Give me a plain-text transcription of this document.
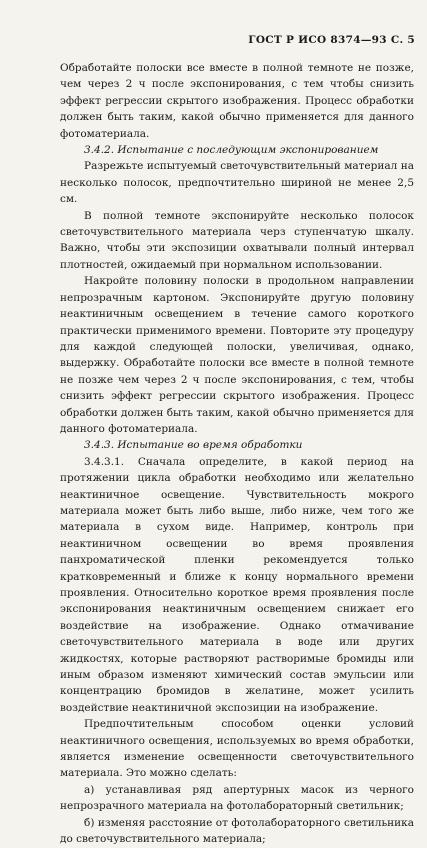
ГОСТ Р ИСО 8374—93 С. 5

Обработайте полоски все вместе в полной темноте не позже, чем через 2 ч после экспонирования, с тем чтобы снизить эффект регрессии скрытого изображения. Процесс обработки должен быть таким, какой обычно применяется для данного фотоматериала.

3.4.2. Испытание с последующим экспонированием

Разрежьте испытуемый светочувствительный материал на несколько полосок, предпочтительно шириной не менее 2,5 см.

В полной темноте экспонируйте несколько полосок светочувствительного материала черз ступенчатую шкалу. Важно, чтобы эти экспозиции охватывали полный интервал плотностей, ожидаемый при нормальном использовании.

Накройте половину полоски в продольном направлении непрозрачным картоном. Экспонируйте другую половину неактиничным освещением в течение самого короткого практически применимого времени. Повторите эту процедуру для каждой следующей полоски, увеличивая, однако, выдержку. Обработайте полоски все вместе в полной темноте не позже чем через 2 ч после экспонирования, с тем, чтобы снизить эффект регрессии скрытого изображения. Процесс обработки должен быть таким, какой обычно применяется для данного фотоматериала.

3.4.3. Испытание во время обработки

3.4.3.1. Сначала определите, в какой период на протяжении цикла обработки необходимо или желательно неактиничное освещение. Чувствительность мокрого материала может быть либо выше, либо ниже, чем тогo же материала в сухом виде. Например, контроль при неактиничном освещении во время проявления панхроматической пленки рекомендуется только кратковременный и ближе к концу нормального времени проявления. Относительно короткое время проявления после экспонирования неактиничным освещением снижает его воздействие на изображение. Однако отмачивание светочувствительного материала в воде или других жидкостях, которые растворяют растворимые бромиды или иным образом изменяют химический состав эмульсии или концентрацию бромидов в желатине, может усилить воздействие неактиничной экспозиции на изображение.

Предпочтительным способом оценки условий неактиничного освещения, используемых во время обработки, является изменение освещенности светочувствительного материала. Это можно сделать:

а) устанавливая ряд апертурных масок из черного непрозрачного материала на фотолабораторный светильник;

б) изменяя расстояние от фотолабораторного светильника до светочувствительного материала;
